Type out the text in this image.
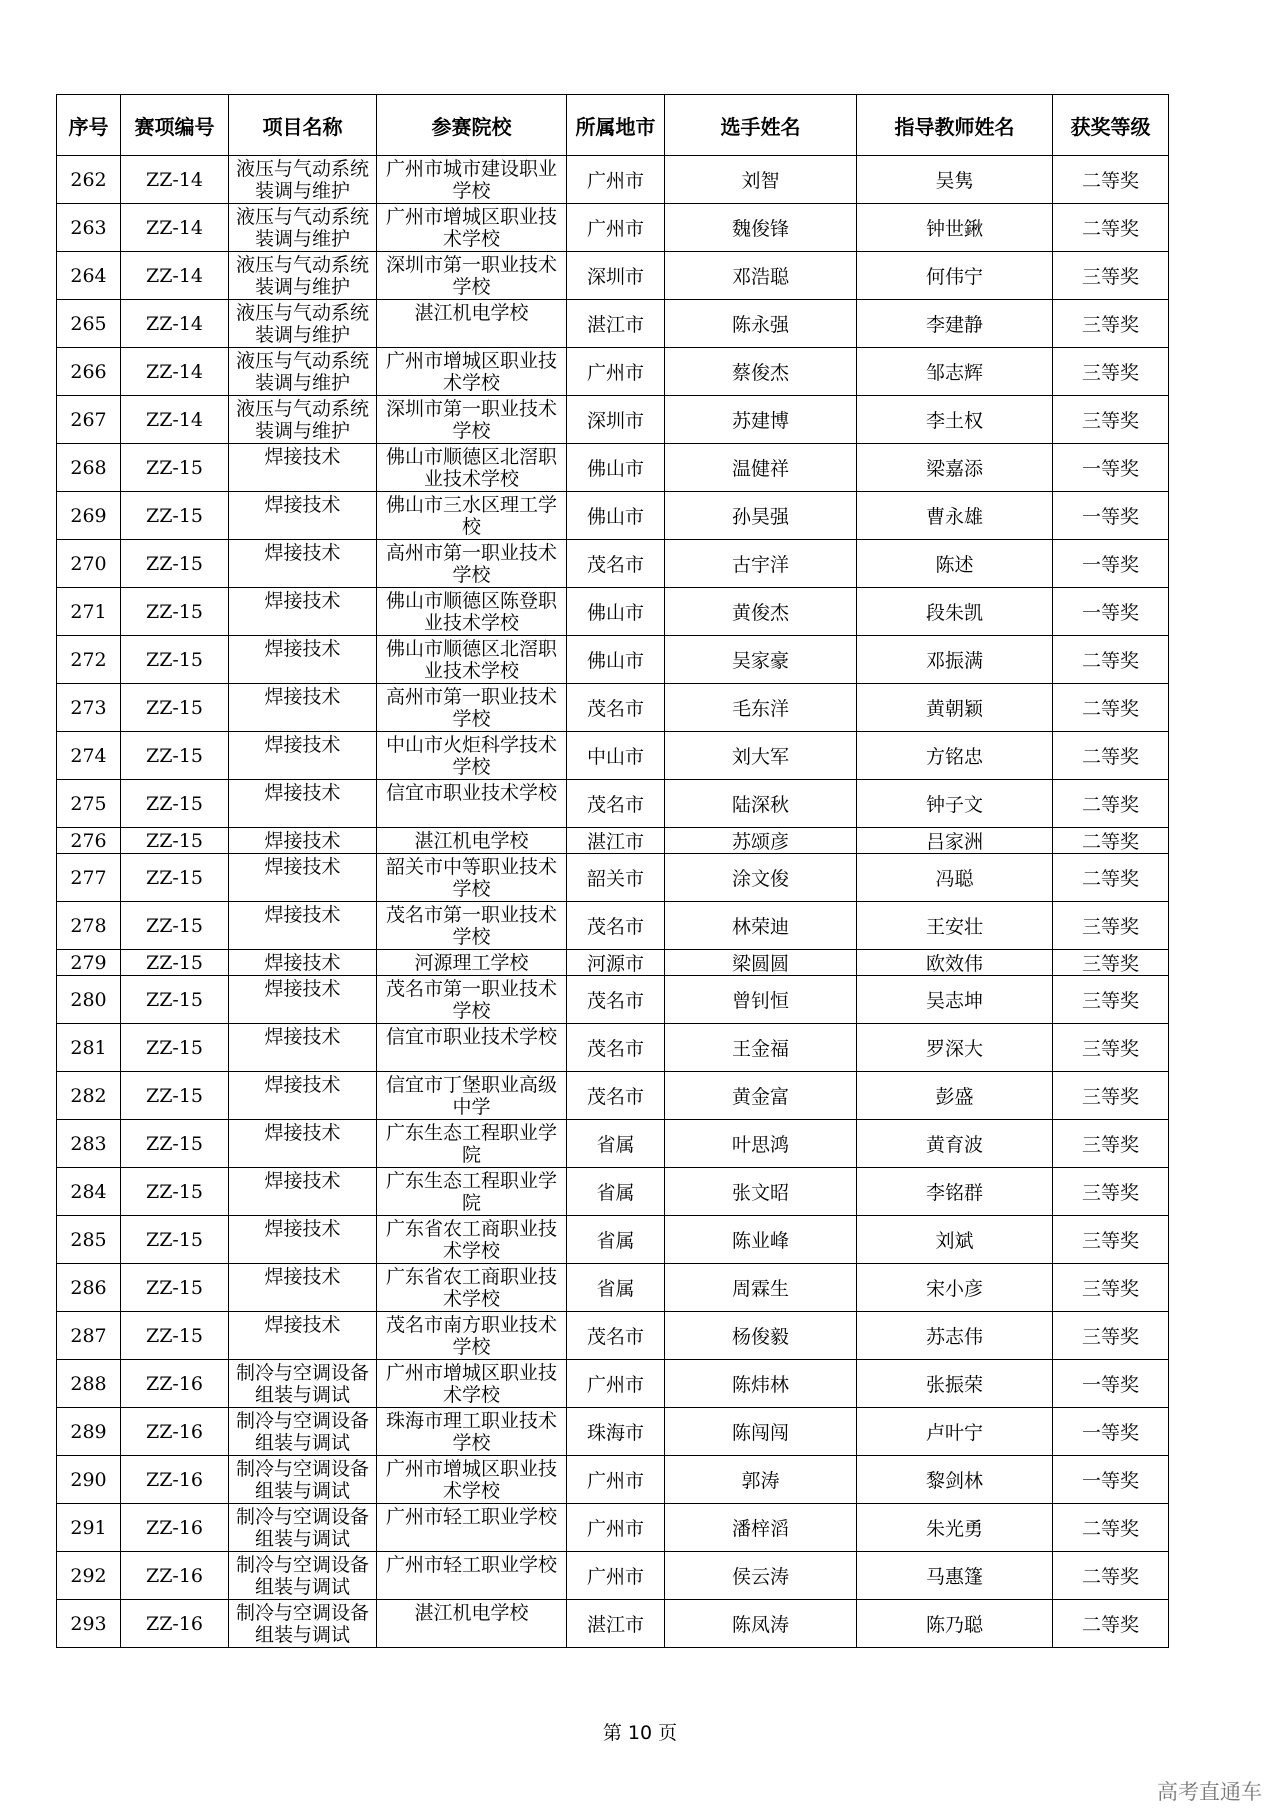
序号	赛项编号	项目名称	参赛院校	所属地市	选手姓名	指导教师姓名	获奖等级

262	ZZ-14	液压与气动系统装调与维护	广州市城市建设职业学校	广州市	刘智	吴隽	二等奖

263	ZZ-14	液压与气动系统装调与维护	广州市增城区职业技术学校	广州市	魏俊锋	钟世鍬	二等奖

264	ZZ-14	液压与气动系统装调与维护	深圳市第一职业技术学校	深圳市	邓浩聪	何伟宁	三等奖

265	ZZ-14	液压与气动系统装调与维护	湛江机电学校	湛江市	陈永强	李建静	三等奖

266	ZZ-14	液压与气动系统装调与维护	广州市增城区职业技术学校	广州市	蔡俊杰	邹志辉	三等奖

267	ZZ-14	液压与气动系统装调与维护	深圳市第一职业技术学校	深圳市	苏建博	李土权	三等奖

268	ZZ-15	焊接技术	佛山市顺德区北滘职业技术学校	佛山市	温健祥	梁嘉添	一等奖

269	ZZ-15	焊接技术	佛山市三水区理工学校	佛山市	孙昊强	曹永雄	一等奖

270	ZZ-15	焊接技术	高州市第一职业技术学校	茂名市	古宇洋	陈述	一等奖

271	ZZ-15	焊接技术	佛山市顺德区陈登职业技术学校	佛山市	黄俊杰	段朱凯	一等奖

272	ZZ-15	焊接技术	佛山市顺德区北滘职业技术学校	佛山市	吴家豪	邓振满	二等奖

273	ZZ-15	焊接技术	高州市第一职业技术学校	茂名市	毛东洋	黄朝颖	二等奖

274	ZZ-15	焊接技术	中山市火炬科学技术学校	中山市	刘大军	方铭忠	二等奖

275	ZZ-15	焊接技术	信宜市职业技术学校	茂名市	陆深秋	钟子文	二等奖

276	ZZ-15	焊接技术	湛江机电学校	湛江市	苏颂彦	吕家洲	二等奖

277	ZZ-15	焊接技术	韶关市中等职业技术学校	韶关市	涂文俊	冯聪	二等奖

278	ZZ-15	焊接技术	茂名市第一职业技术学校	茂名市	林荣迪	王安壮	三等奖

279	ZZ-15	焊接技术	河源理工学校	河源市	梁圆圆	欧效伟	三等奖

280	ZZ-15	焊接技术	茂名市第一职业技术学校	茂名市	曾钊恒	吴志坤	三等奖

281	ZZ-15	焊接技术	信宜市职业技术学校	茂名市	王金福	罗深大	三等奖

282	ZZ-15	焊接技术	信宜市丁堡职业高级中学	茂名市	黄金富	彭盛	三等奖

283	ZZ-15	焊接技术	广东生态工程职业学院	省属	叶思鸿	黄育波	三等奖

284	ZZ-15	焊接技术	广东生态工程职业学院	省属	张文昭	李铭群	三等奖

285	ZZ-15	焊接技术	广东省农工商职业技术学校	省属	陈业峰	刘斌	三等奖

286	ZZ-15	焊接技术	广东省农工商职业技术学校	省属	周霖生	宋小彦	三等奖

287	ZZ-15	焊接技术	茂名市南方职业技术学校	茂名市	杨俊毅	苏志伟	三等奖

288	ZZ-16	制冷与空调设备组装与调试	广州市增城区职业技术学校	广州市	陈炜林	张振荣	一等奖

289	ZZ-16	制冷与空调设备组装与调试	珠海市理工职业技术学校	珠海市	陈闯闯	卢叶宁	一等奖

290	ZZ-16	制冷与空调设备组装与调试	广州市增城区职业技术学校	广州市	郭涛	黎剑林	一等奖

291	ZZ-16	制冷与空调设备组装与调试	广州市轻工职业学校	广州市	潘梓滔	朱光勇	二等奖

292	ZZ-16	制冷与空调设备组装与调试	广州市轻工职业学校	广州市	侯云涛	马惠篷	二等奖

293	ZZ-16	制冷与空调设备组装与调试	湛江机电学校	湛江市	陈凤涛	陈乃聪	二等奖
第 10 页
高考直通车
